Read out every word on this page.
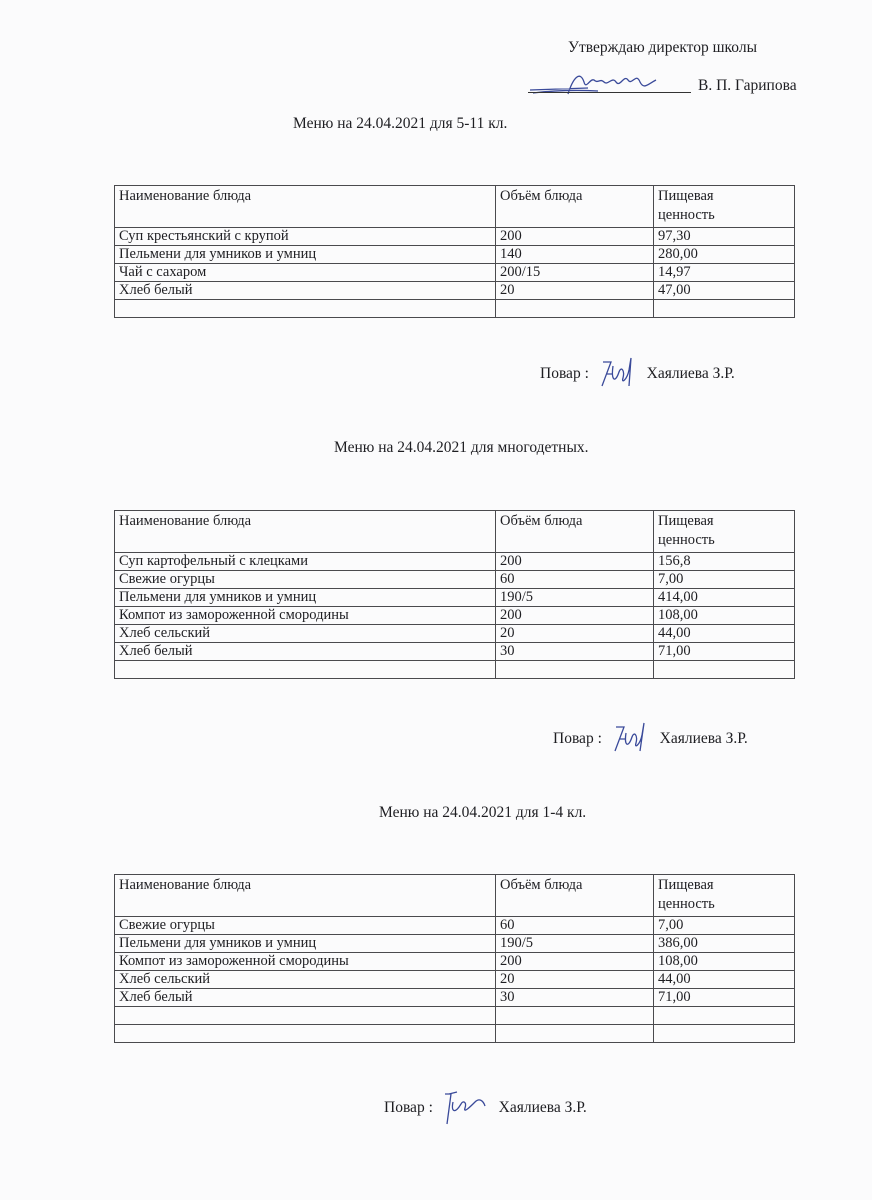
Утверждаю директор школы
В. П. Гарипова
Меню на 24.04.2021 для 5-11 кл.
Наименование блюда	Объём блюда	Пищевая
ценность
Суп крестьянский с крупой	200	97,30
Пельмени для умников и умниц	140	280,00
Чай с сахаром	200/15	14,97
Хлеб белый	20	47,00

Повар :	Хаялиева З.Р.
Меню на 24.04.2021 для многодетных.
Наименование блюда	Объём блюда	Пищевая
ценность
Суп картофельный с клецками	200	156,8
Свежие огурцы	60	7,00
Пельмени для умников и умниц	190/5	414,00
Компот из замороженной смородины	200	108,00
Хлеб сельский	20	44,00
Хлеб белый	30	71,00

Повар :	Хаялиева З.Р.
Меню на 24.04.2021 для 1-4 кл.
Наименование блюда	Объём блюда	Пищевая
ценность
Свежие огурцы	60	7,00
Пельмени для умников и умниц	190/5	386,00
Компот из замороженной смородины	200	108,00
Хлеб сельский	20	44,00
Хлеб белый	30	71,00

Повар :	Хаялиева З.Р.
